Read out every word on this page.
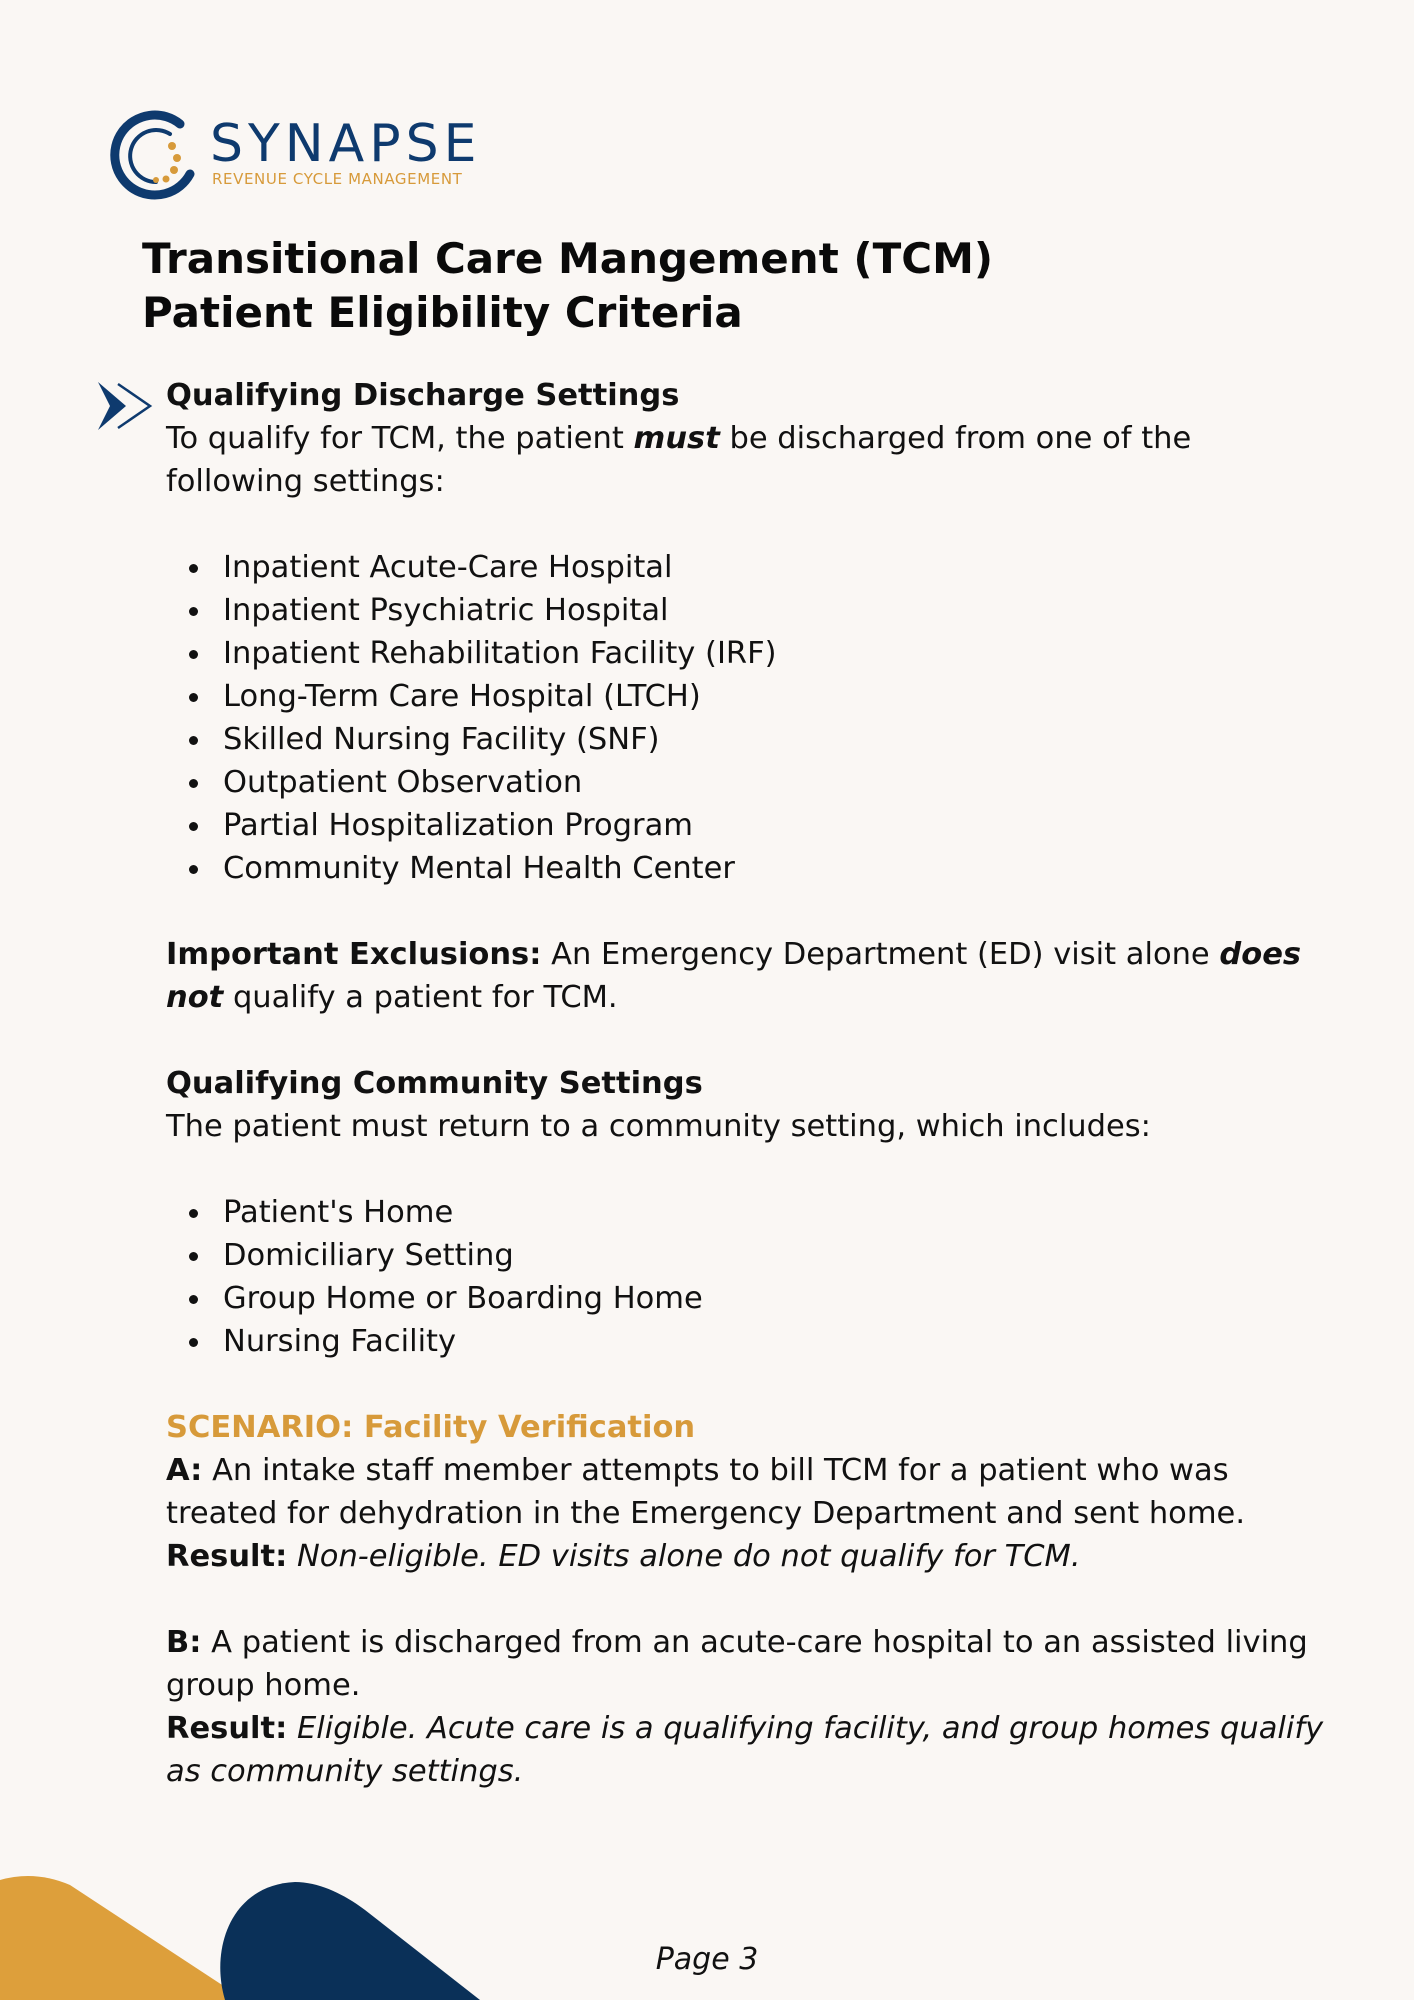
SYNAPSE
REVENUE CYCLE MANAGEMENT
Transitional Care Mangement (TCM)
Patient Eligibility Criteria

Qualifying Discharge Settings

To qualify for TCM, the patient must be discharged from one of the following settings:

Inpatient Acute-Care Hospital
Inpatient Psychiatric Hospital
Inpatient Rehabilitation Facility (IRF)
Long-Term Care Hospital (LTCH)
Skilled Nursing Facility (SNF)
Outpatient Observation
Partial Hospitalization Program
Community Mental Health Center

Important Exclusions: An Emergency Department (ED) visit alone does not qualify a patient for TCM.

Qualifying Community Settings

The patient must return to a community setting, which includes:

Patient's Home
Domiciliary Setting
Group Home or Boarding Home
Nursing Facility

SCENARIO: Facility Verification

A: An intake staff member attempts to bill TCM for a patient who was treated for dehydration in the Emergency Department and sent home.

Result: Non-eligible. ED visits alone do not qualify for TCM.

B: A patient is discharged from an acute-care hospital to an assisted living group home.

Result: Eligible. Acute care is a qualifying facility, and group homes qualify as community settings.

Page 3
